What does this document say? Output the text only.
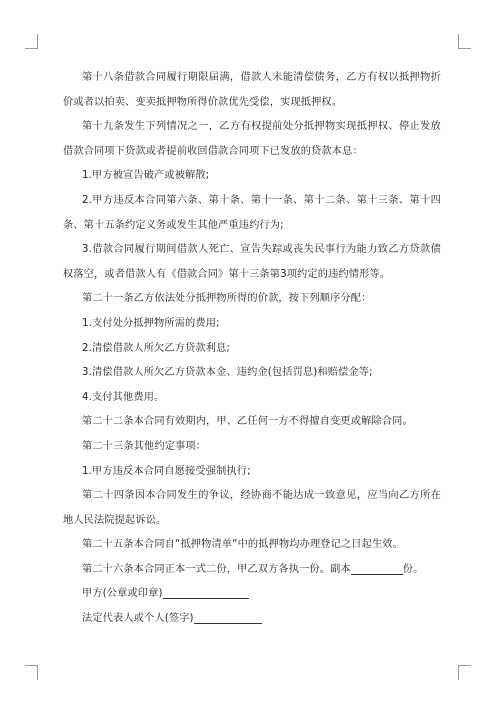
第十八条借款合同履行期限届满，借款人未能清偿债务，乙方有权以抵押物折价或者以拍卖、变卖抵押物所得价款优先受偿，实现抵押权。

第十九条发生下列情况之一，乙方有权提前处分抵押物实现抵押权、停止发放借款合同项下贷款或者提前收回借款合同项下已发放的贷款本息：

1.甲方被宣告破产或被解散;

2.甲方违反本合同第六条、第十条、第十一条、第十二条、第十三条、第十四条、第十五条约定义务或发生其他严重违约行为;

3.借款合同履行期间借款人死亡、宣告失踪或丧失民事行为能力致乙方贷款债权落空，或者借款人有《借款合同》第十三条第3项约定的违约情形等。

第二十一条乙方依法处分抵押物所得的价款，按下列顺序分配：

1.支付处分抵押物所需的费用;

2.清偿借款人所欠乙方贷款利息;

3.清偿借款人所欠乙方贷款本金、违约金(包括罚息)和赔偿金等;

4.支付其他费用。

第二十二条本合同有效期内，甲、乙任何一方不得擅自变更或解除合同。

第二十三条其他约定事项：

1.甲方违反本合同自愿接受强制执行;

第二十四条因本合同发生的争议，经协商不能达成一致意见，应当向乙方所在地人民法院提起诉讼。

第二十五条本合同自“抵押物清单”中的抵押物均办理登记之日起生效。

第二十六条本合同正本一式二份，甲乙双方各执一份。副本	份。

甲方(公章或印章)

法定代表人或个人(签字)
